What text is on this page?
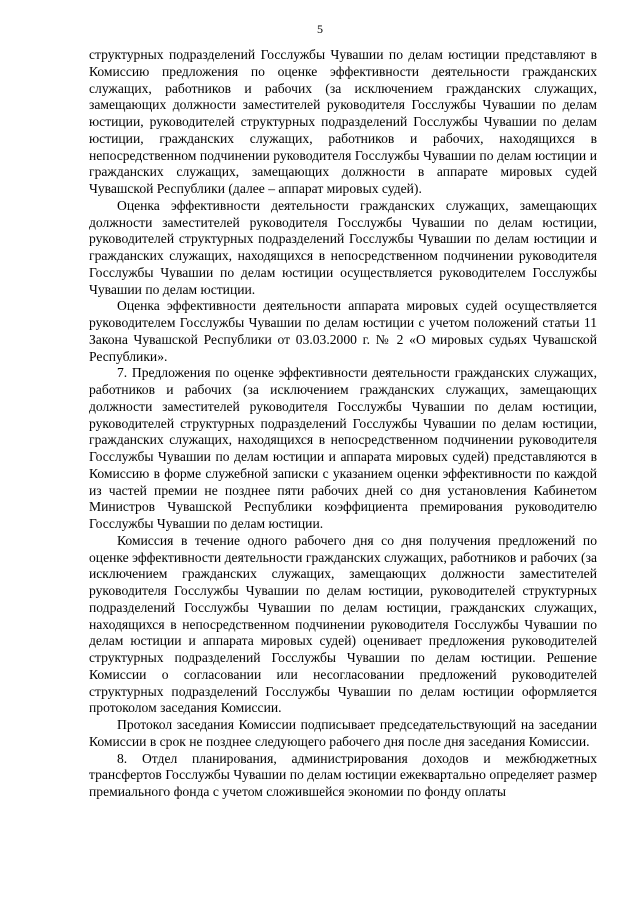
5

структурных подразделений Госслужбы Чувашии по делам юстиции представляют в Комиссию предложения по оценке эффективности деятельности гражданских служащих, работников и рабочих (за исключением гражданских служащих, замещающих должности заместителей руководителя Госслужбы Чувашии по делам юстиции, руководителей структурных подразделений Госслужбы Чувашии по делам юстиции, гражданских служащих, работников и рабочих, находящихся в непосредственном подчинении руководителя Госслужбы Чувашии по делам юстиции и гражданских служащих, замещающих должности в аппарате мировых судей Чувашской Республики (далее – аппарат мировых судей).

Оценка эффективности деятельности гражданских служащих, замещающих должности заместителей руководителя Госслужбы Чувашии по делам юстиции, руководителей структурных подразделений Госслужбы Чувашии по делам юстиции и гражданских служащих, находящихся в непосредственном подчинении руководителя Госслужбы Чувашии по делам юстиции осуществляется руководителем Госслужбы Чувашии по делам юстиции.

Оценка эффективности деятельности аппарата мировых судей осуществляется руководителем Госслужбы Чувашии по делам юстиции с учетом положений статьи 11 Закона Чувашской Республики от 03.03.2000 г. № 2 «О мировых судьях Чувашской Республики».

7. Предложения по оценке эффективности деятельности гражданских служащих, работников и рабочих (за исключением гражданских служащих, замещающих должности заместителей руководителя Госслужбы Чувашии по делам юстиции, руководителей структурных подразделений Госслужбы Чувашии по делам юстиции, гражданских служащих, находящихся в непосредственном подчинении руководителя Госслужбы Чувашии по делам юстиции и аппарата мировых судей) представляются в Комиссию в форме служебной записки с указанием оценки эффективности по каждой из частей премии не позднее пяти рабочих дней со дня установления Кабинетом Министров Чувашской Республики коэффициента премирования руководителю Госслужбы Чувашии по делам юстиции.

Комиссия в течение одного рабочего дня со дня получения предложений по оценке эффективности деятельности гражданских служащих, работников и рабочих (за исключением гражданских служащих, замещающих должности заместителей руководителя Госслужбы Чувашии по делам юстиции, руководителей структурных подразделений Госслужбы Чувашии по делам юстиции, гражданских служащих, находящихся в непосредственном подчинении руководителя Госслужбы Чувашии по делам юстиции и аппарата мировых судей) оценивает предложения руководителей структурных подразделений Госслужбы Чувашии по делам юстиции. Решение Комиссии о согласовании или несогласовании предложений руководителей структурных подразделений Госслужбы Чувашии по делам юстиции оформляется протоколом заседания Комиссии.

Протокол заседания Комиссии подписывает председательствующий на заседании Комиссии в срок не позднее следующего рабочего дня после дня заседания Комиссии.

8. Отдел планирования, администрирования доходов и межбюджетных трансфертов Госслужбы Чувашии по делам юстиции ежеквартально определяет размер премиального фонда с учетом сложившейся экономии по фонду оплаты
